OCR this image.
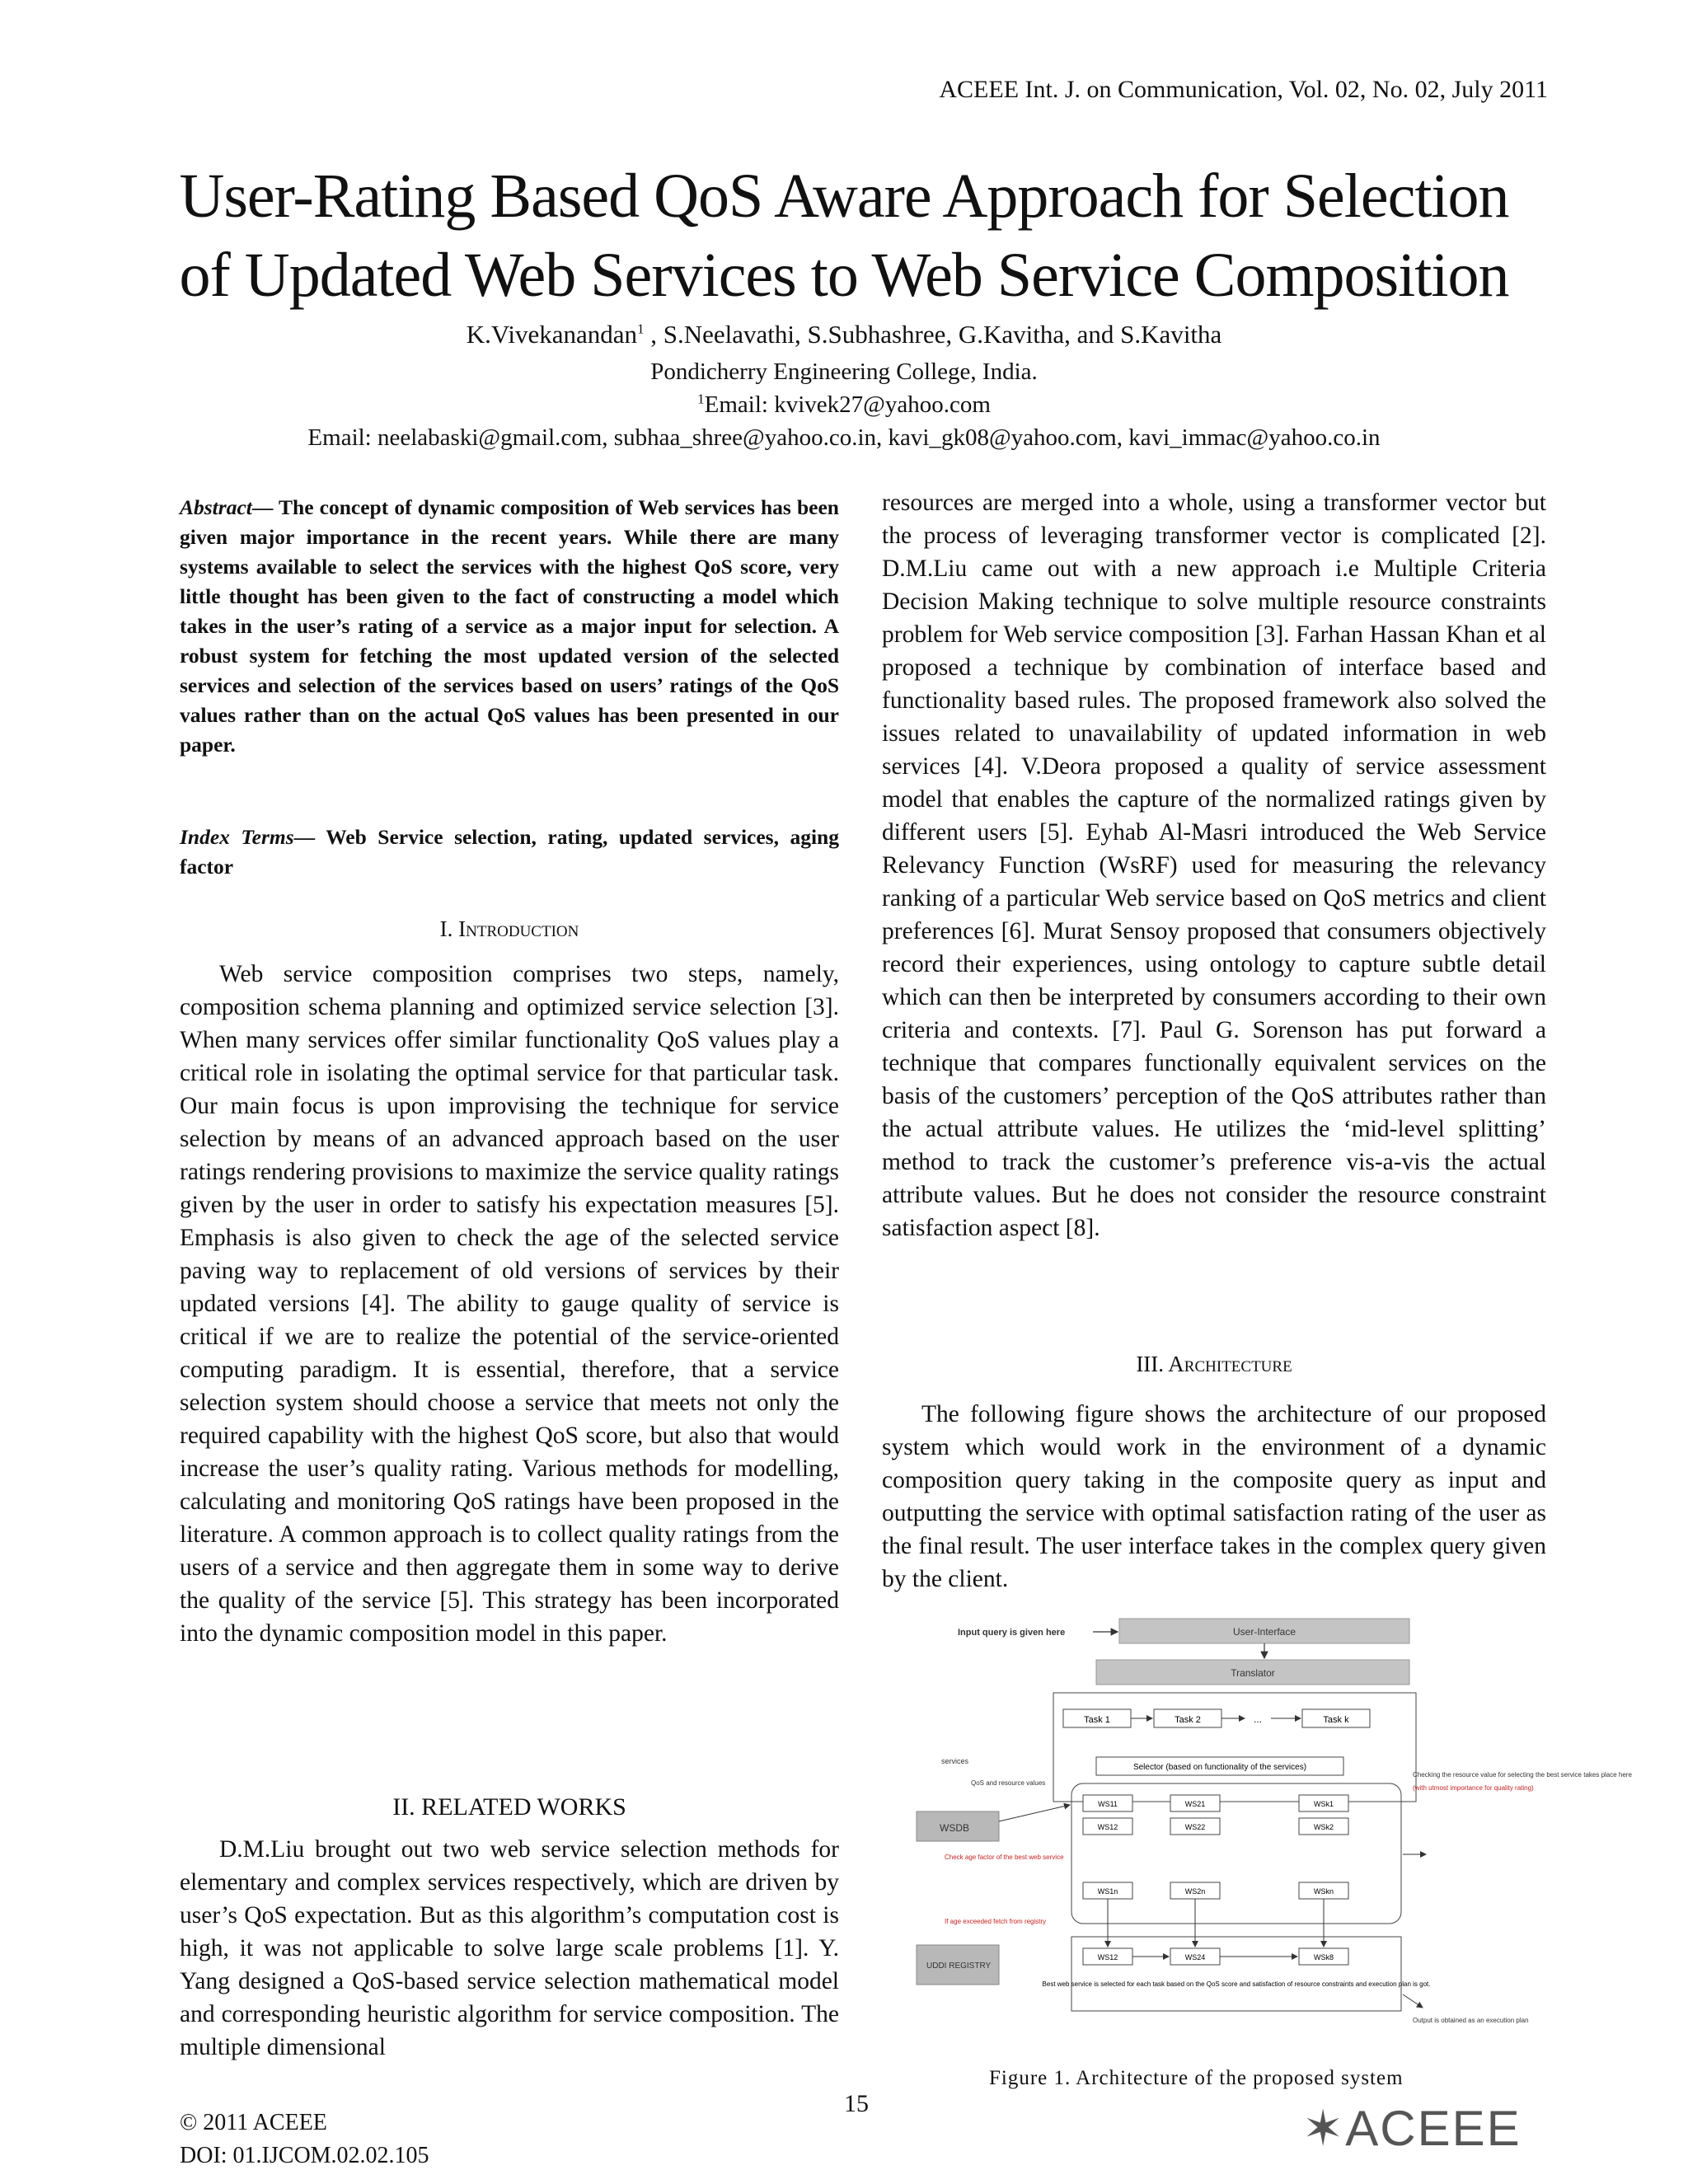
ACEEE Int. J. on Communication, Vol. 02, No. 02, July 2011
User-Rating Based QoS Aware Approach for Selection
of Updated Web Services to Web Service Composition
K.Vivekanandan$^1$ , S.Neelavathi, S.Subhashree, G.Kavitha, and S.Kavitha
Pondicherry Engineering College, India.
$^1$Email: kvivek27@yahoo.com
Email: neelabaski@gmail.com, subhaa_shree@yahoo.co.in, kavi_gk08@yahoo.com, kavi_immac@yahoo.co.in
Abstract— The concept of dynamic composition of Web services has been given major importance in the recent years. While there are many systems available to select the services with the highest QoS score, very little thought has been given to the fact of constructing a model which takes in the user’s rating of a service as a major input for selection. A robust system for fetching the most updated version of the selected services and selection of the services based on users’ ratings of the QoS values rather than on the actual QoS values has been presented in our paper.
Index Terms— Web Service selection, rating, updated services, aging factor
I. Introduction

Web service composition comprises two steps, namely, composition schema planning and optimized service selection [3]. When many services offer similar functionality QoS values play a critical role in isolating the optimal service for that particular task. Our main focus is upon improvising the technique for service selection by means of an advanced approach based on the user ratings rendering provisions to maximize the service quality ratings given by the user in order to satisfy his expectation measures [5]. Emphasis is also given to check the age of the selected service paving way to replacement of old versions of services by their updated versions [4]. The ability to gauge quality of service is critical if we are to realize the potential of the service-oriented computing paradigm. It is essential, therefore, that a service selection system should choose a service that meets not only the required capability with the highest QoS score, but also that would increase the user’s quality rating. Various methods for modelling, calculating and monitoring QoS ratings have been proposed in the literature. A common approach is to collect quality ratings from the users of a service and then aggregate them in some way to derive the quality of the service [5]. This strategy has been incorporated into the dynamic composition model in this paper.

II. RELATED WORKS

D.M.Liu brought out two web service selection methods for elementary and complex services respectively, which are driven by user’s QoS expectation. But as this algorithm’s computation cost is high, it was not applicable to solve large scale problems [1]. Y. Yang designed a QoS-based service selection mathematical model and corresponding heuristic algorithm for service composition. The multiple dimensional

resources are merged into a whole, using a transformer vector but the process of leveraging transformer vector is complicated [2]. D.M.Liu came out with a new approach i.e Multiple Criteria Decision Making technique to solve multiple resource constraints problem for Web service composition [3]. Farhan Hassan Khan et al proposed a technique by combination of interface based and functionality based rules. The proposed framework also solved the issues related to unavailability of updated information in web services [4]. V.Deora proposed a quality of service assessment model that enables the capture of the normalized ratings given by different users [5]. Eyhab Al-Masri introduced the Web Service Relevancy Function (WsRF) used for measuring the relevancy ranking of a particular Web service based on QoS metrics and client preferences [6]. Murat Sensoy proposed that consumers objectively record their experiences, using ontology to capture subtle detail which can then be interpreted by consumers according to their own criteria and contexts. [7]. Paul G. Sorenson has put forward a technique that compares functionally equivalent services on the basis of the customers’ perception of the QoS attributes rather than the actual attribute values. He utilizes the ‘mid-level splitting’ method to track the customer’s preference vis-a-vis the actual attribute values. But he does not consider the resource constraint satisfaction aspect [8].

III. Architecture

The following figure shows the architecture of our proposed system which would work in the environment of a dynamic composition query taking in the composite query as input and outputting the service with optimal satisfaction rating of the user as the final result. The user interface takes in the complex query given by the client.

Input query is given here	User-Interface
Translator
Task 1	Task 2	...	Task k
services
Selector (based on functionality of the services)
QoS and resource values
WSDB
WS11
WS12
WS1n
WS21
WS22
WS2n
WSk1
WSk2
WSkn
Check age factor of the best web service
If age exceeded fetch from registry
UDDI REGISTRY
WS12	WS24	WSk8
Best web service is selected for each task based on the QoS score and satisfaction of resource constraints and execution plan is got.
Checking the resource value for selecting the best service takes place here
(with utmost importance for quality rating)
Output is obtained as an execution plan
Figure 1. Architecture of the proposed system
15
© 2011 ACEEE
DOI: 01.IJCOM.02.02.105	✶ACEEE
